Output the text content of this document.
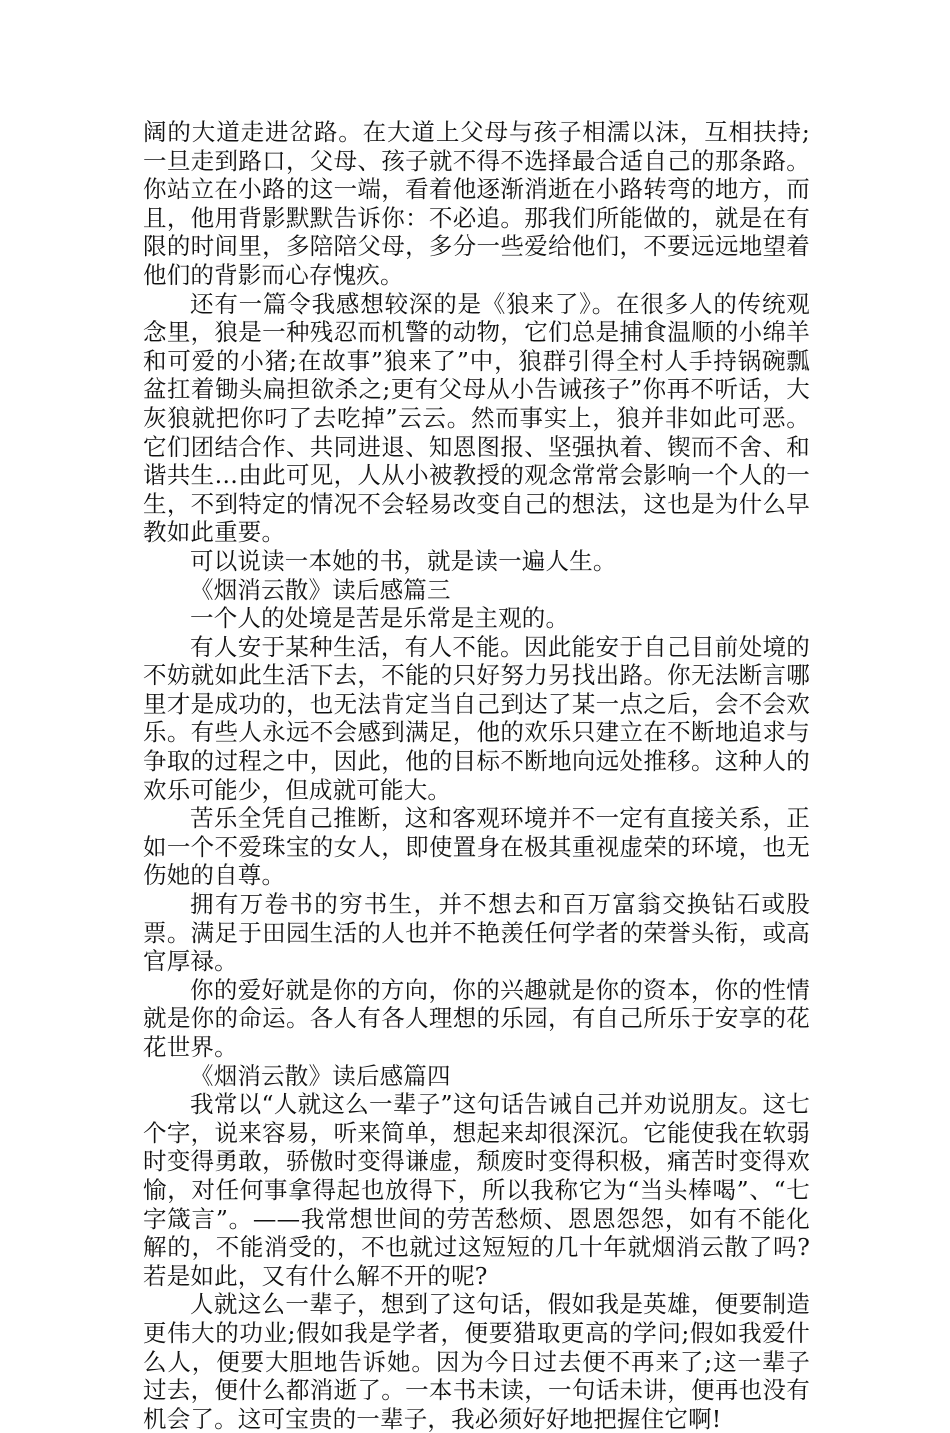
阔的大道走进岔路。在大道上父母与孩子相濡以沫，互相扶持;一旦走到路口，父母、孩子就不得不选择最合适自己的那条路。你站立在小路的这一端，看着他逐渐消逝在小路转弯的地方，而且，他用背影默默告诉你：不必追。那我们所能做的，就是在有限的时间里，多陪陪父母，多分一些爱给他们，不要远远地望着他们的背影而心存愧疚。

还有一篇令我感想较深的是《狼来了》。在很多人的传统观念里，狼是一种残忍而机警的动物，它们总是捕食温顺的小绵羊和可爱的小猪;在故事”狼来了”中，狼群引得全村人手持锅碗瓢盆扛着锄头扁担欲杀之;更有父母从小告诫孩子”你再不听话，大灰狼就把你叼了去吃掉”云云。然而事实上，狼并非如此可恶。它们团结合作、共同进退、知恩图报、坚强执着、锲而不舍、和谐共生…由此可见，人从小被教授的观念常常会影响一个人的一生，不到特定的情况不会轻易改变自己的想法，这也是为什么早教如此重要。

可以说读一本她的书，就是读一遍人生。

《烟消云散》读后感篇三

一个人的处境是苦是乐常是主观的。

有人安于某种生活，有人不能。因此能安于自己目前处境的不妨就如此生活下去，不能的只好努力另找出路。你无法断言哪里才是成功的，也无法肯定当自己到达了某一点之后，会不会欢乐。有些人永远不会感到满足，他的欢乐只建立在不断地追求与争取的过程之中，因此，他的目标不断地向远处推移。这种人的欢乐可能少，但成就可能大。

苦乐全凭自己推断，这和客观环境并不一定有直接关系，正如一个不爱珠宝的女人，即使置身在极其重视虚荣的环境，也无伤她的自尊。

拥有万卷书的穷书生，并不想去和百万富翁交换钻石或股票。满足于田园生活的人也并不艳羡任何学者的荣誉头衔，或高官厚禄。

你的爱好就是你的方向，你的兴趣就是你的资本，你的性情就是你的命运。各人有各人理想的乐园，有自己所乐于安享的花花世界。

《烟消云散》读后感篇四

我常以“人就这么一辈子”这句话告诫自己并劝说朋友。这七个字，说来容易，听来简单，想起来却很深沉。它能使我在软弱时变得勇敢，骄傲时变得谦虚，颓废时变得积极，痛苦时变得欢愉，对任何事拿得起也放得下，所以我称它为“当头棒喝”、“七字箴言”。——我常想世间的劳苦愁烦、恩恩怨怨，如有不能化解的，不能消受的，不也就过这短短的几十年就烟消云散了吗?若是如此，又有什么解不开的呢?

人就这么一辈子，想到了这句话，假如我是英雄，便要制造更伟大的功业;假如我是学者，便要猎取更高的学问;假如我爱什么人，便要大胆地告诉她。因为今日过去便不再来了;这一辈子过去，便什么都消逝了。一本书未读，一句话未讲，便再也没有机会了。这可宝贵的一辈子，我必须好好地把握住它啊!
